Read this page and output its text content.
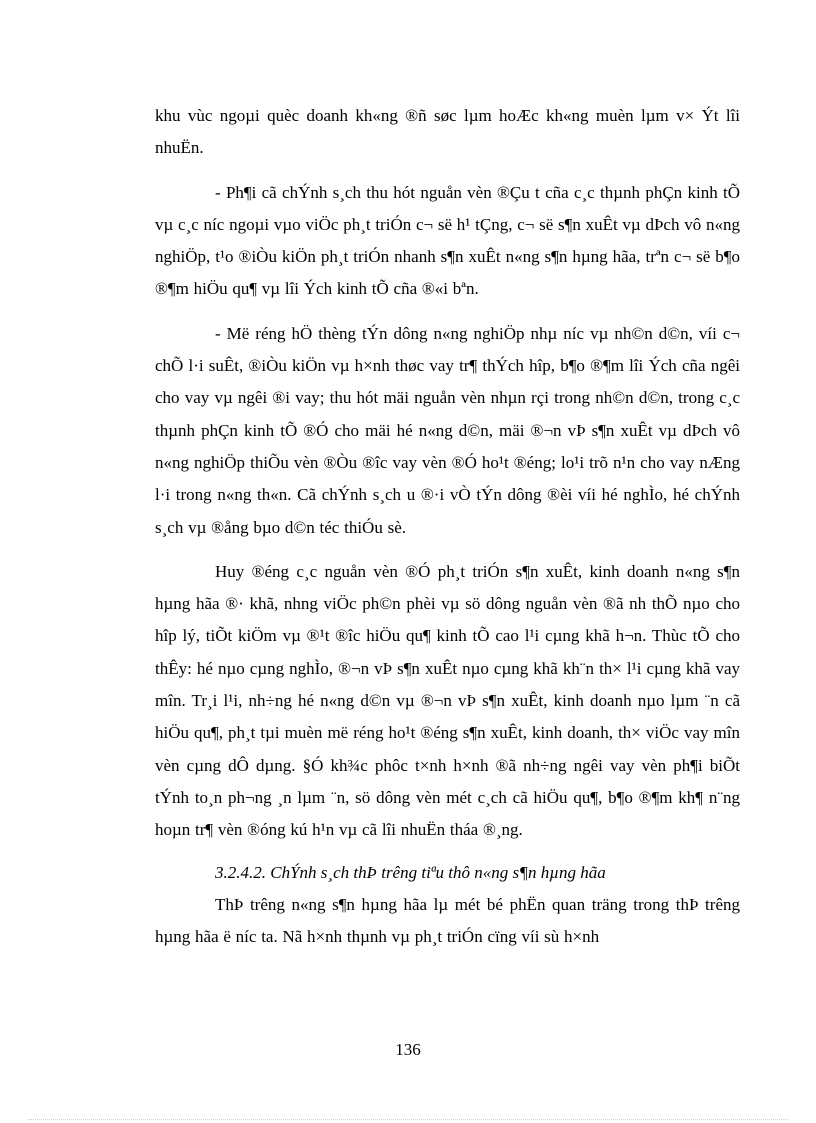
khu vùc ngoµi quèc doanh kh«ng ®ñ søc lµm hoÆc kh«ng muèn lµm v× Ýt lîi nhuËn.

- Ph¶i cã chÝnh s¸ch thu hót nguån vèn ®Çu t cña c¸c thµnh phÇn kinh tÕ vµ c¸c níc ngoµi vµo viÖc ph¸t triÓn c¬ së h¹ tÇng, c¬ së s¶n xuÊt vµ dÞch vô n«ng nghiÖp, t¹o ®iÒu kiÖn ph¸t triÓn nhanh s¶n xuÊt n«ng s¶n hµng hãa, trªn c¬ së b¶o ®¶m hiÖu qu¶ vµ lîi Ých kinh tÕ cña ®«i bªn.

- Më réng hÖ thèng tÝn dông n«ng nghiÖp nhµ níc vµ nh©n d©n, víi c¬ chÕ l·i suÊt, ®iÒu kiÖn vµ h×nh thøc vay tr¶ thÝch hîp, b¶o ®¶m lîi Ých cña ngêi cho vay vµ ngêi ®i vay; thu hót mäi nguån vèn nhµn rçi trong nh©n d©n, trong c¸c thµnh phÇn kinh tÕ ®Ó cho mäi hé n«ng d©n, mäi ®¬n vÞ s¶n xuÊt vµ dÞch vô n«ng nghiÖp thiÕu vèn ®Òu ®îc vay vèn ®Ó ho¹t ®éng; lo¹i trõ n¹n cho vay nÆng l·i trong n«ng th«n. Cã chÝnh s¸ch u ®·i vÒ tÝn dông ®èi víi hé nghÌo, hé chÝnh s¸ch vµ ®ång bµo d©n téc thiÓu sè.

Huy ®éng c¸c nguån vèn ®Ó ph¸t triÓn s¶n xuÊt, kinh doanh n«ng s¶n hµng hãa ®· khã, nhng viÖc ph©n phèi vµ sö dông nguån vèn ®ã nh thÕ nµo cho hîp lý, tiÕt kiÖm vµ ®¹t ®îc hiÖu qu¶ kinh tÕ cao l¹i cµng khã h¬n. Thùc tÕ cho thÊy: hé nµo cµng nghÌo, ®¬n vÞ s¶n xuÊt nµo cµng khã kh¨n th× l¹i cµng khã vay mîn. Tr¸i l¹i, nh÷ng hé n«ng d©n vµ ®¬n vÞ s¶n xuÊt, kinh doanh nµo lµm ¨n cã hiÖu qu¶, ph¸t tµi muèn më réng ho¹t ®éng s¶n xuÊt, kinh doanh, th× viÖc vay mîn vèn cµng dÔ dµng. §Ó kh¾c phôc t×nh h×nh ®ã nh÷ng ngêi vay vèn ph¶i biÕt tÝnh to¸n ph¬ng ¸n lµm ¨n, sö dông vèn mét c¸ch cã hiÖu qu¶, b¶o ®¶m kh¶ n¨ng hoµn tr¶ vèn ®óng kú h¹n vµ cã lîi nhuËn tháa ®¸ng.

3.2.4.2. ChÝnh s¸ch thÞ trêng tiªu thô n«ng s¶n hµng hãa

ThÞ trêng n«ng s¶n hµng hãa lµ mét bé phËn quan träng trong thÞ trêng hµng hãa ë níc ta. Nã h×nh thµnh vµ ph¸t triÓn cïng víi sù h×nh

136
